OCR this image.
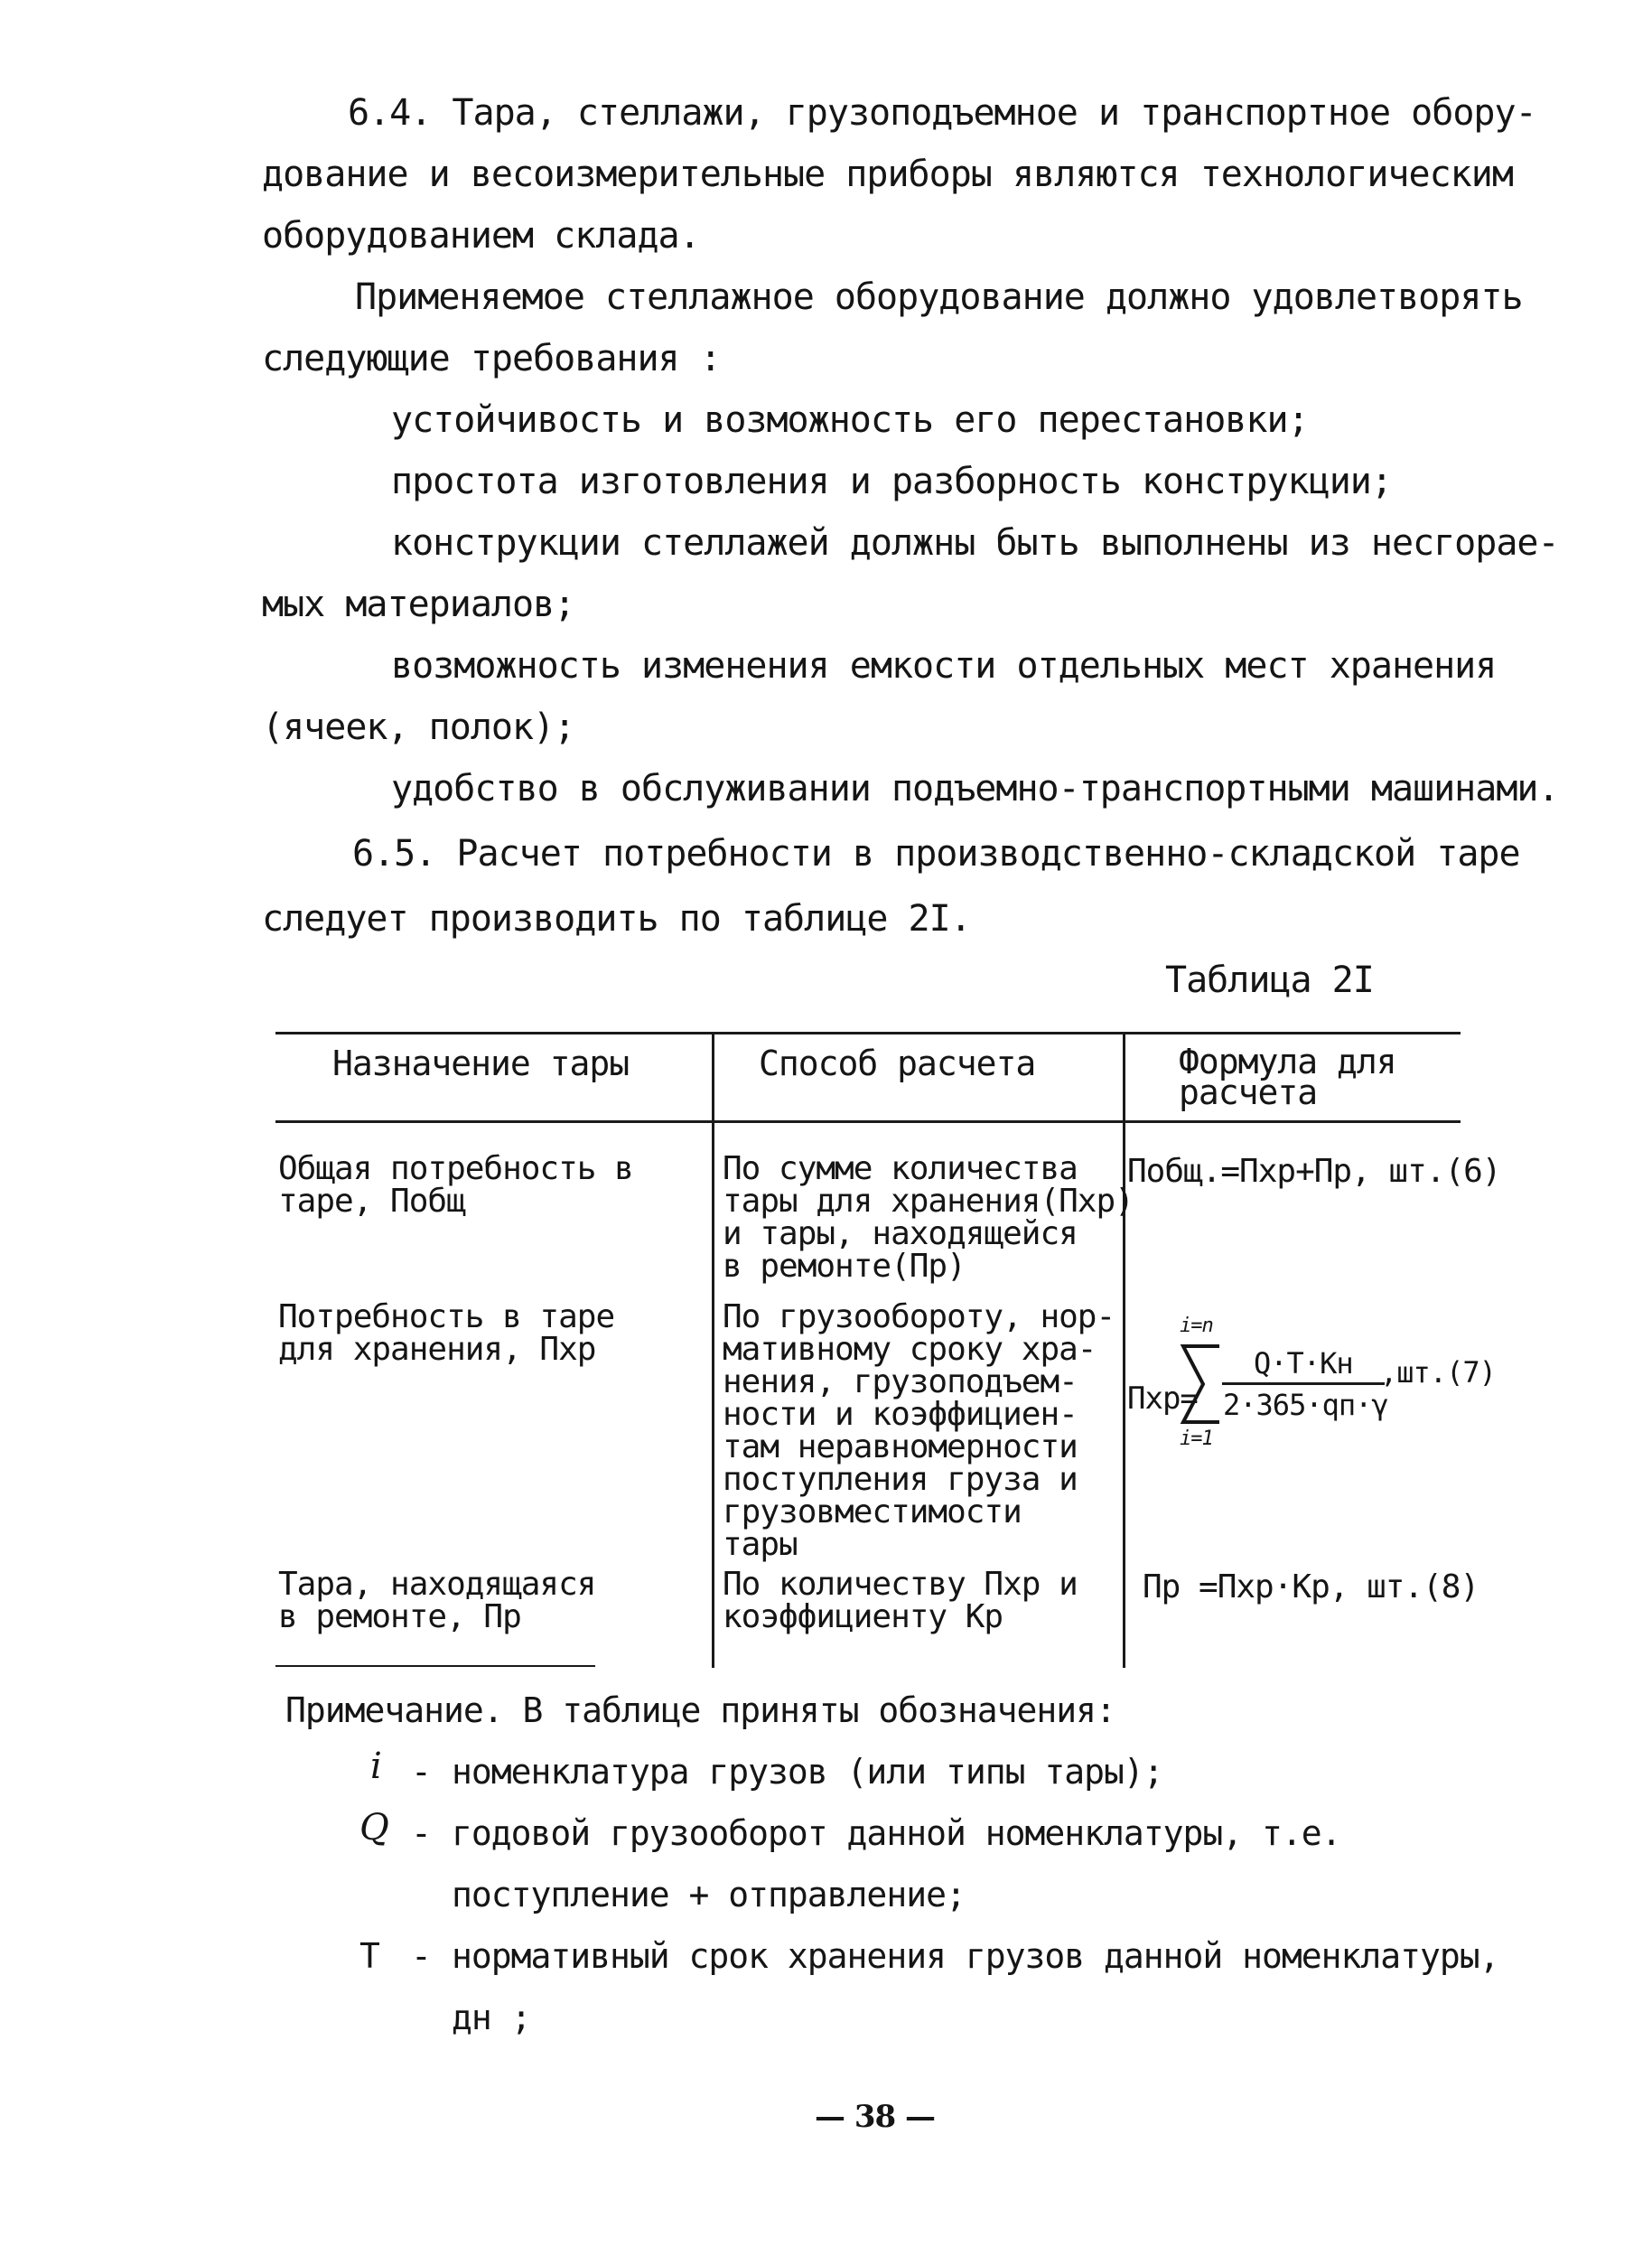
6.4. Тара, стеллажи, грузоподъемное и транспортное обору-
дование и весоизмерительные приборы являются технологическим
оборудованием склада.
Применяемое стеллажное оборудование должно удовлетворять
следующие требования :
устойчивость и возможность его перестановки;
простота изготовления и разборность конструкции;
конструкции стеллажей должны быть выполнены из несгорае-
мых материалов;
возможность изменения емкости отдельных мест хранения
(ячеек, полок);
удобство в обслуживании подъемно-транспортными машинами.
6.5. Расчет потребности в производственно-складской таре
следует производить по таблице 2I.
Таблица 2I
Назначение тары	Способ расчета	Формула для
расчета
Общая потребность в
таре, Побщ
По сумме количества
тары для хранения(Пхр)
и тары, находящейся
в ремонте(Пр)
Побщ.=Пхр+Пр, шт.(6)
Потребность в таре
для хранения, Пхр
По грузообороту, нор-
мативному сроку хра-
нения, грузоподъем-
ности и коэффициен-
там неравномерности
поступления груза и
грузовместимости
тары
Пхр=
i=n
i=1
Q·T·Кн
2·365·qп·γ
,шт.(7)
Тара, находящаяся
в ремонте, Пр
По количеству Пхр и
коэффициенту Кр
Пр =Пхр·Кр, шт.(8)
Примечание. В таблице приняты обозначения:
i - номенклатура грузов (или типы тары);
Q - годовой грузооборот данной номенклатуры, т.е.
поступление + отправление;
Т - нормативный срок хранения грузов данной номенклатуры,
дн ;
— 38 —
